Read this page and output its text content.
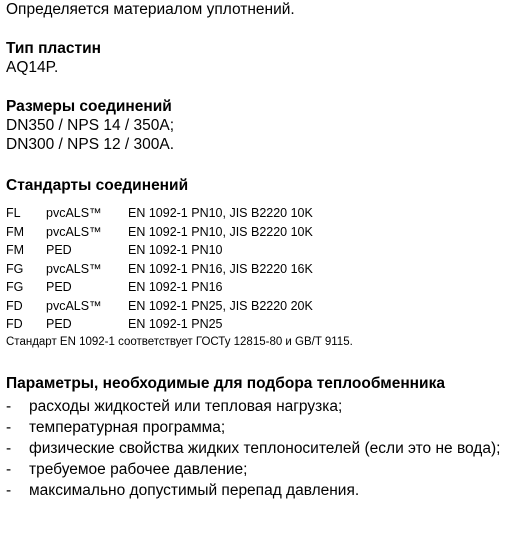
Определяется материалом уплотнений.
Тип пластин
AQ14P.
Размеры соединений
DN350 / NPS 14 / 350A;
DN300 / NPS 12 / 300A.
Стандарты соединений
FL	pvcALS™	EN 1092-1 PN10, JIS B2220 10K
FM	pvcALS™	EN 1092-1 PN10, JIS B2220 10K
FM	PED	EN 1092-1 PN10
FG	pvcALS™	EN 1092-1 PN16, JIS B2220 16K
FG	PED	EN 1092-1 PN16
FD	pvcALS™	EN 1092-1 PN25, JIS B2220 20K
FD	PED	EN 1092-1 PN25
Стандарт EN 1092-1 соответствует ГОСТу 12815-80 и GB/T 9115.
Параметры, необходимые для подбора теплообменника
-	расходы жидкостей или тепловая нагрузка;
-	температурная программа;
-	физические свойства жидких теплоносителей (если это не вода);
-	требуемое рабочее давление;
-	максимально допустимый перепад давления.
